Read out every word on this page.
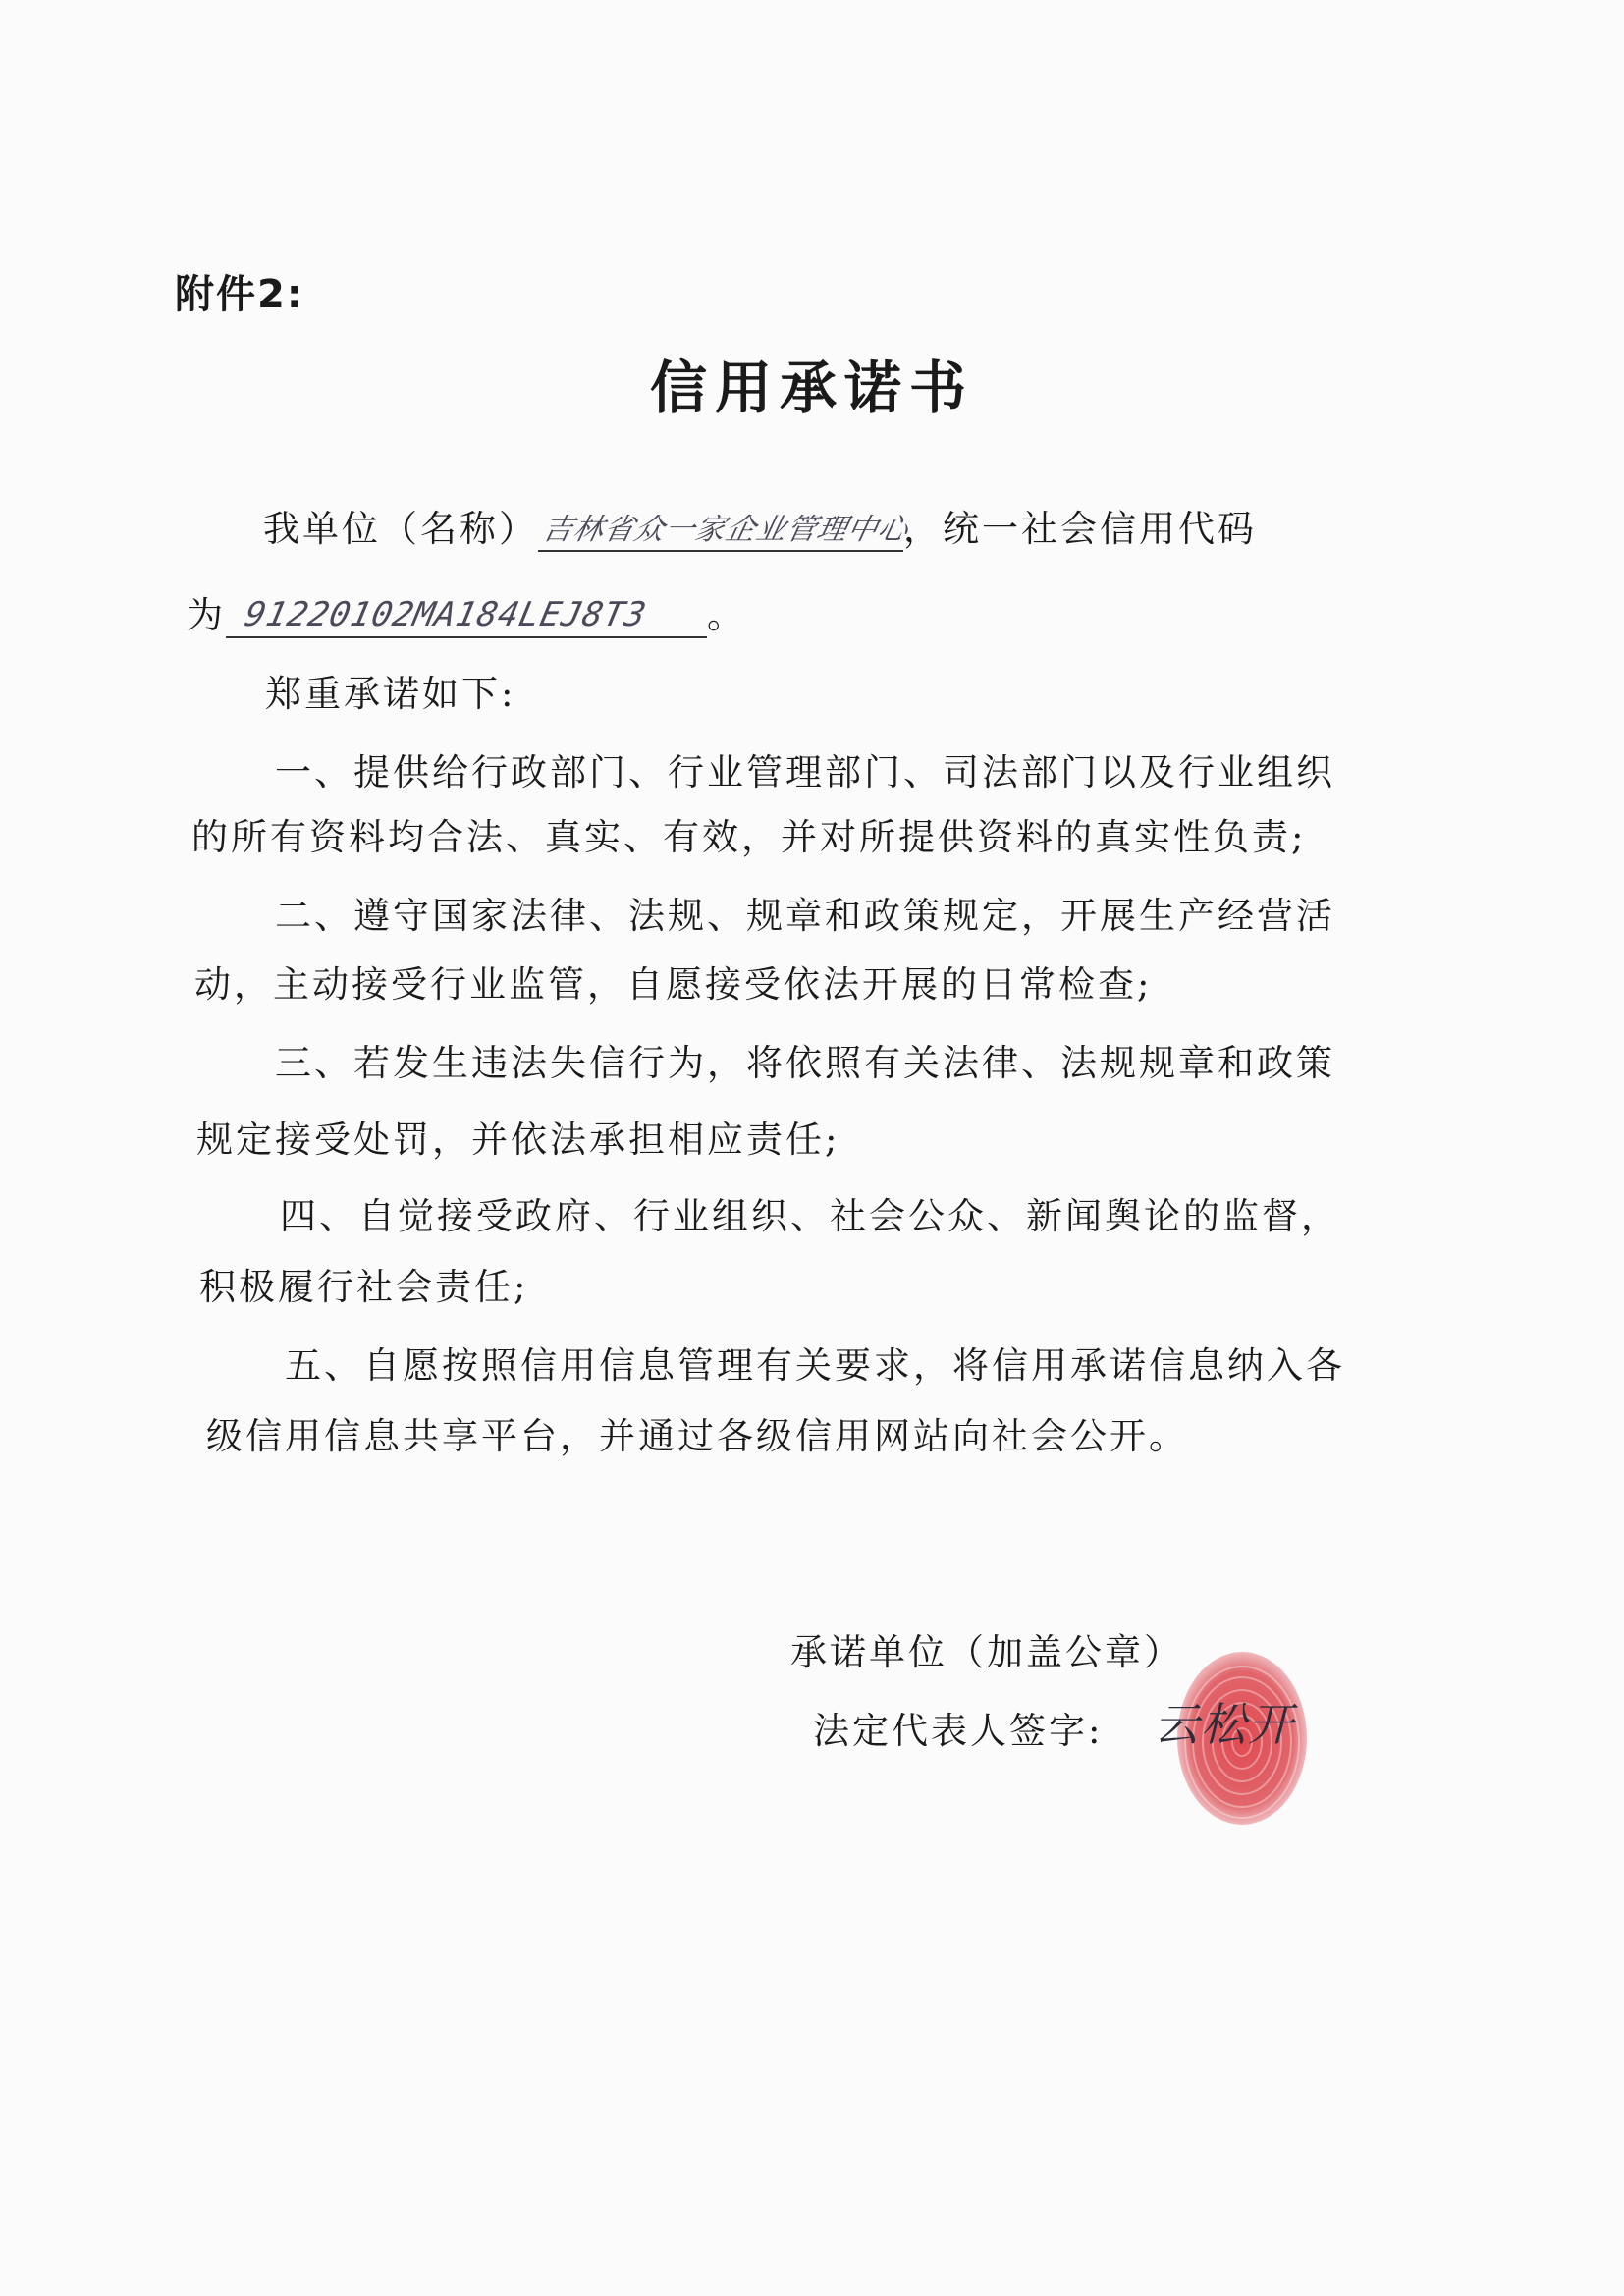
附件2:
信用承诺书
我单位（名称） 吉林省众一家企业管理中心
，统一社会信用代码
为 91220102MA184LEJ8T3 。
郑重承诺如下:
一、提供给行政部门、行业管理部门、司法部门以及行业组织
的所有资料均合法、真实、有效，并对所提供资料的真实性负责;
二、遵守国家法律、法规、规章和政策规定，开展生产经营活
动，主动接受行业监管，自愿接受依法开展的日常检查;
三、若发生违法失信行为，将依照有关法律、法规规章和政策
规定接受处罚，并依法承担相应责任;
四、自觉接受政府、行业组织、社会公众、新闻舆论的监督，
积极履行社会责任;
五、自愿按照信用信息管理有关要求，将信用承诺信息纳入各
级信用信息共享平台，并通过各级信用网站向社会公开。
承诺单位（加盖公章）
法定代表人签字: 云松开
